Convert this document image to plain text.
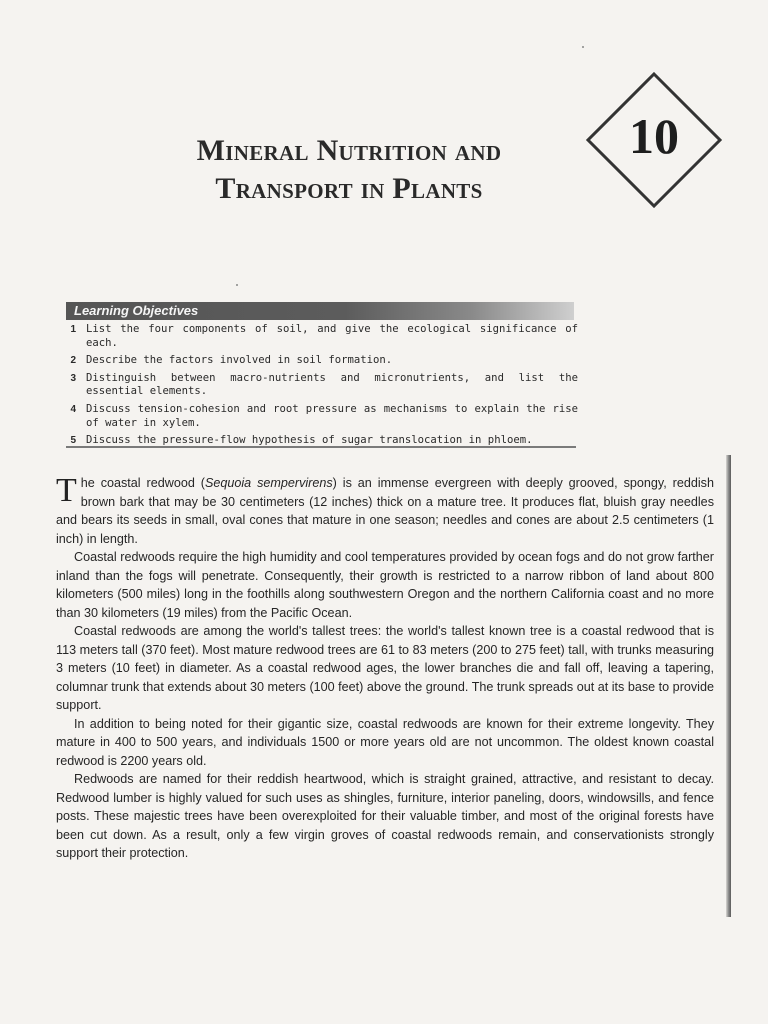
Mineral Nutrition and
Transport in Plants
10
Learning Objectives
1 List the four components of soil, and give the ecological significance of each.
2 Describe the factors involved in soil formation.
3 Distinguish between macro-nutrients and micronutrients, and list the essential elements.
4 Discuss tension-cohesion and root pressure as mechanisms to explain the rise of water in xylem.
5 Discuss the pressure-flow hypothesis of sugar translocation in phloem.

The coastal redwood (Sequoia sempervirens) is an immense evergreen with deeply grooved, spongy, reddish brown bark that may be 30 centimeters (12 inches) thick on a mature tree. It produces flat, bluish gray needles and bears its seeds in small, oval cones that mature in one season; needles and cones are about 2.5 centimeters (1 inch) in length.

Coastal redwoods require the high humidity and cool temperatures provided by ocean fogs and do not grow farther inland than the fogs will penetrate. Consequently, their growth is restricted to a narrow ribbon of land about 800 kilometers (500 miles) long in the foothills along southwestern Oregon and the northern California coast and no more than 30 kilometers (19 miles) from the Pacific Ocean.

Coastal redwoods are among the world's tallest trees: the world's tallest known tree is a coastal redwood that is 113 meters tall (370 feet). Most mature redwood trees are 61 to 83 meters (200 to 275 feet) tall, with trunks measuring 3 meters (10 feet) in diameter. As a coastal redwood ages, the lower branches die and fall off, leaving a tapering, columnar trunk that extends about 30 meters (100 feet) above the ground. The trunk spreads out at its base to provide support.

In addition to being noted for their gigantic size, coastal redwoods are known for their extreme longevity. They mature in 400 to 500 years, and individuals 1500 or more years old are not uncommon. The oldest known coastal redwood is 2200 years old.

Redwoods are named for their reddish heartwood, which is straight grained, attractive, and resistant to decay. Redwood lumber is highly valued for such uses as shingles, furniture, interior paneling, doors, windowsills, and fence posts. These majestic trees have been overexploited for their valuable timber, and most of the original forests have been cut down. As a result, only a few virgin groves of coastal redwoods remain, and conservationists strongly support their protection.
